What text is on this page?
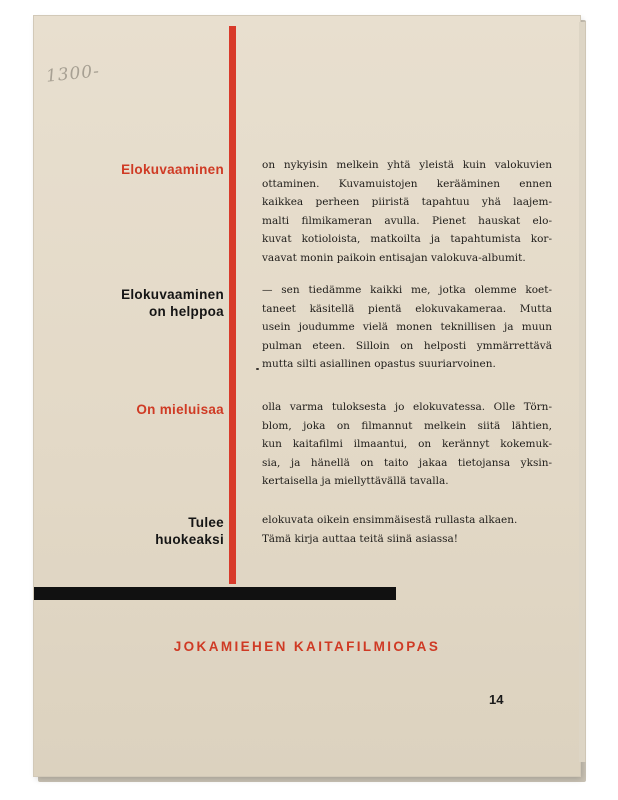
1300-
Elokuvaaminen	on nykyisin melkein yhtä yleistä kuin valokuvien
ottaminen. Kuvamuistojen kerääminen ennen
kaikkea perheen piiristä tapahtuu yhä laajem-
malti filmikameran avulla. Pienet hauskat elo-
kuvat kotioloista, matkoilta ja tapahtumista kor-
vaavat monin paikoin entisajan valokuva-albumit.
Elokuvaaminen
on helppoa
— sen tiedämme kaikki me, jotka olemme koet-
taneet käsitellä pientä elokuvakameraa. Mutta
usein joudumme vielä monen teknillisen ja muun
pulman eteen. Silloin on helposti ymmärrettävä
mutta silti asiallinen opastus suuriarvoinen.
On mieluisaa	olla varma tuloksesta jo elokuvatessa. Olle Törn-
blom, joka on filmannut melkein siitä lähtien,
kun kaitafilmi ilmaantui, on kerännyt kokemuk-
sia, ja hänellä on taito jakaa tietojansa yksin-
kertaisella ja miellyttävällä tavalla.
Tulee
huokeaksi
elokuvata oikein ensimmäisestä rullasta alkaen.
Tämä kirja auttaa teitä siinä asiassa!
JOKAMIEHEN KAITAFILMIOPAS
14
